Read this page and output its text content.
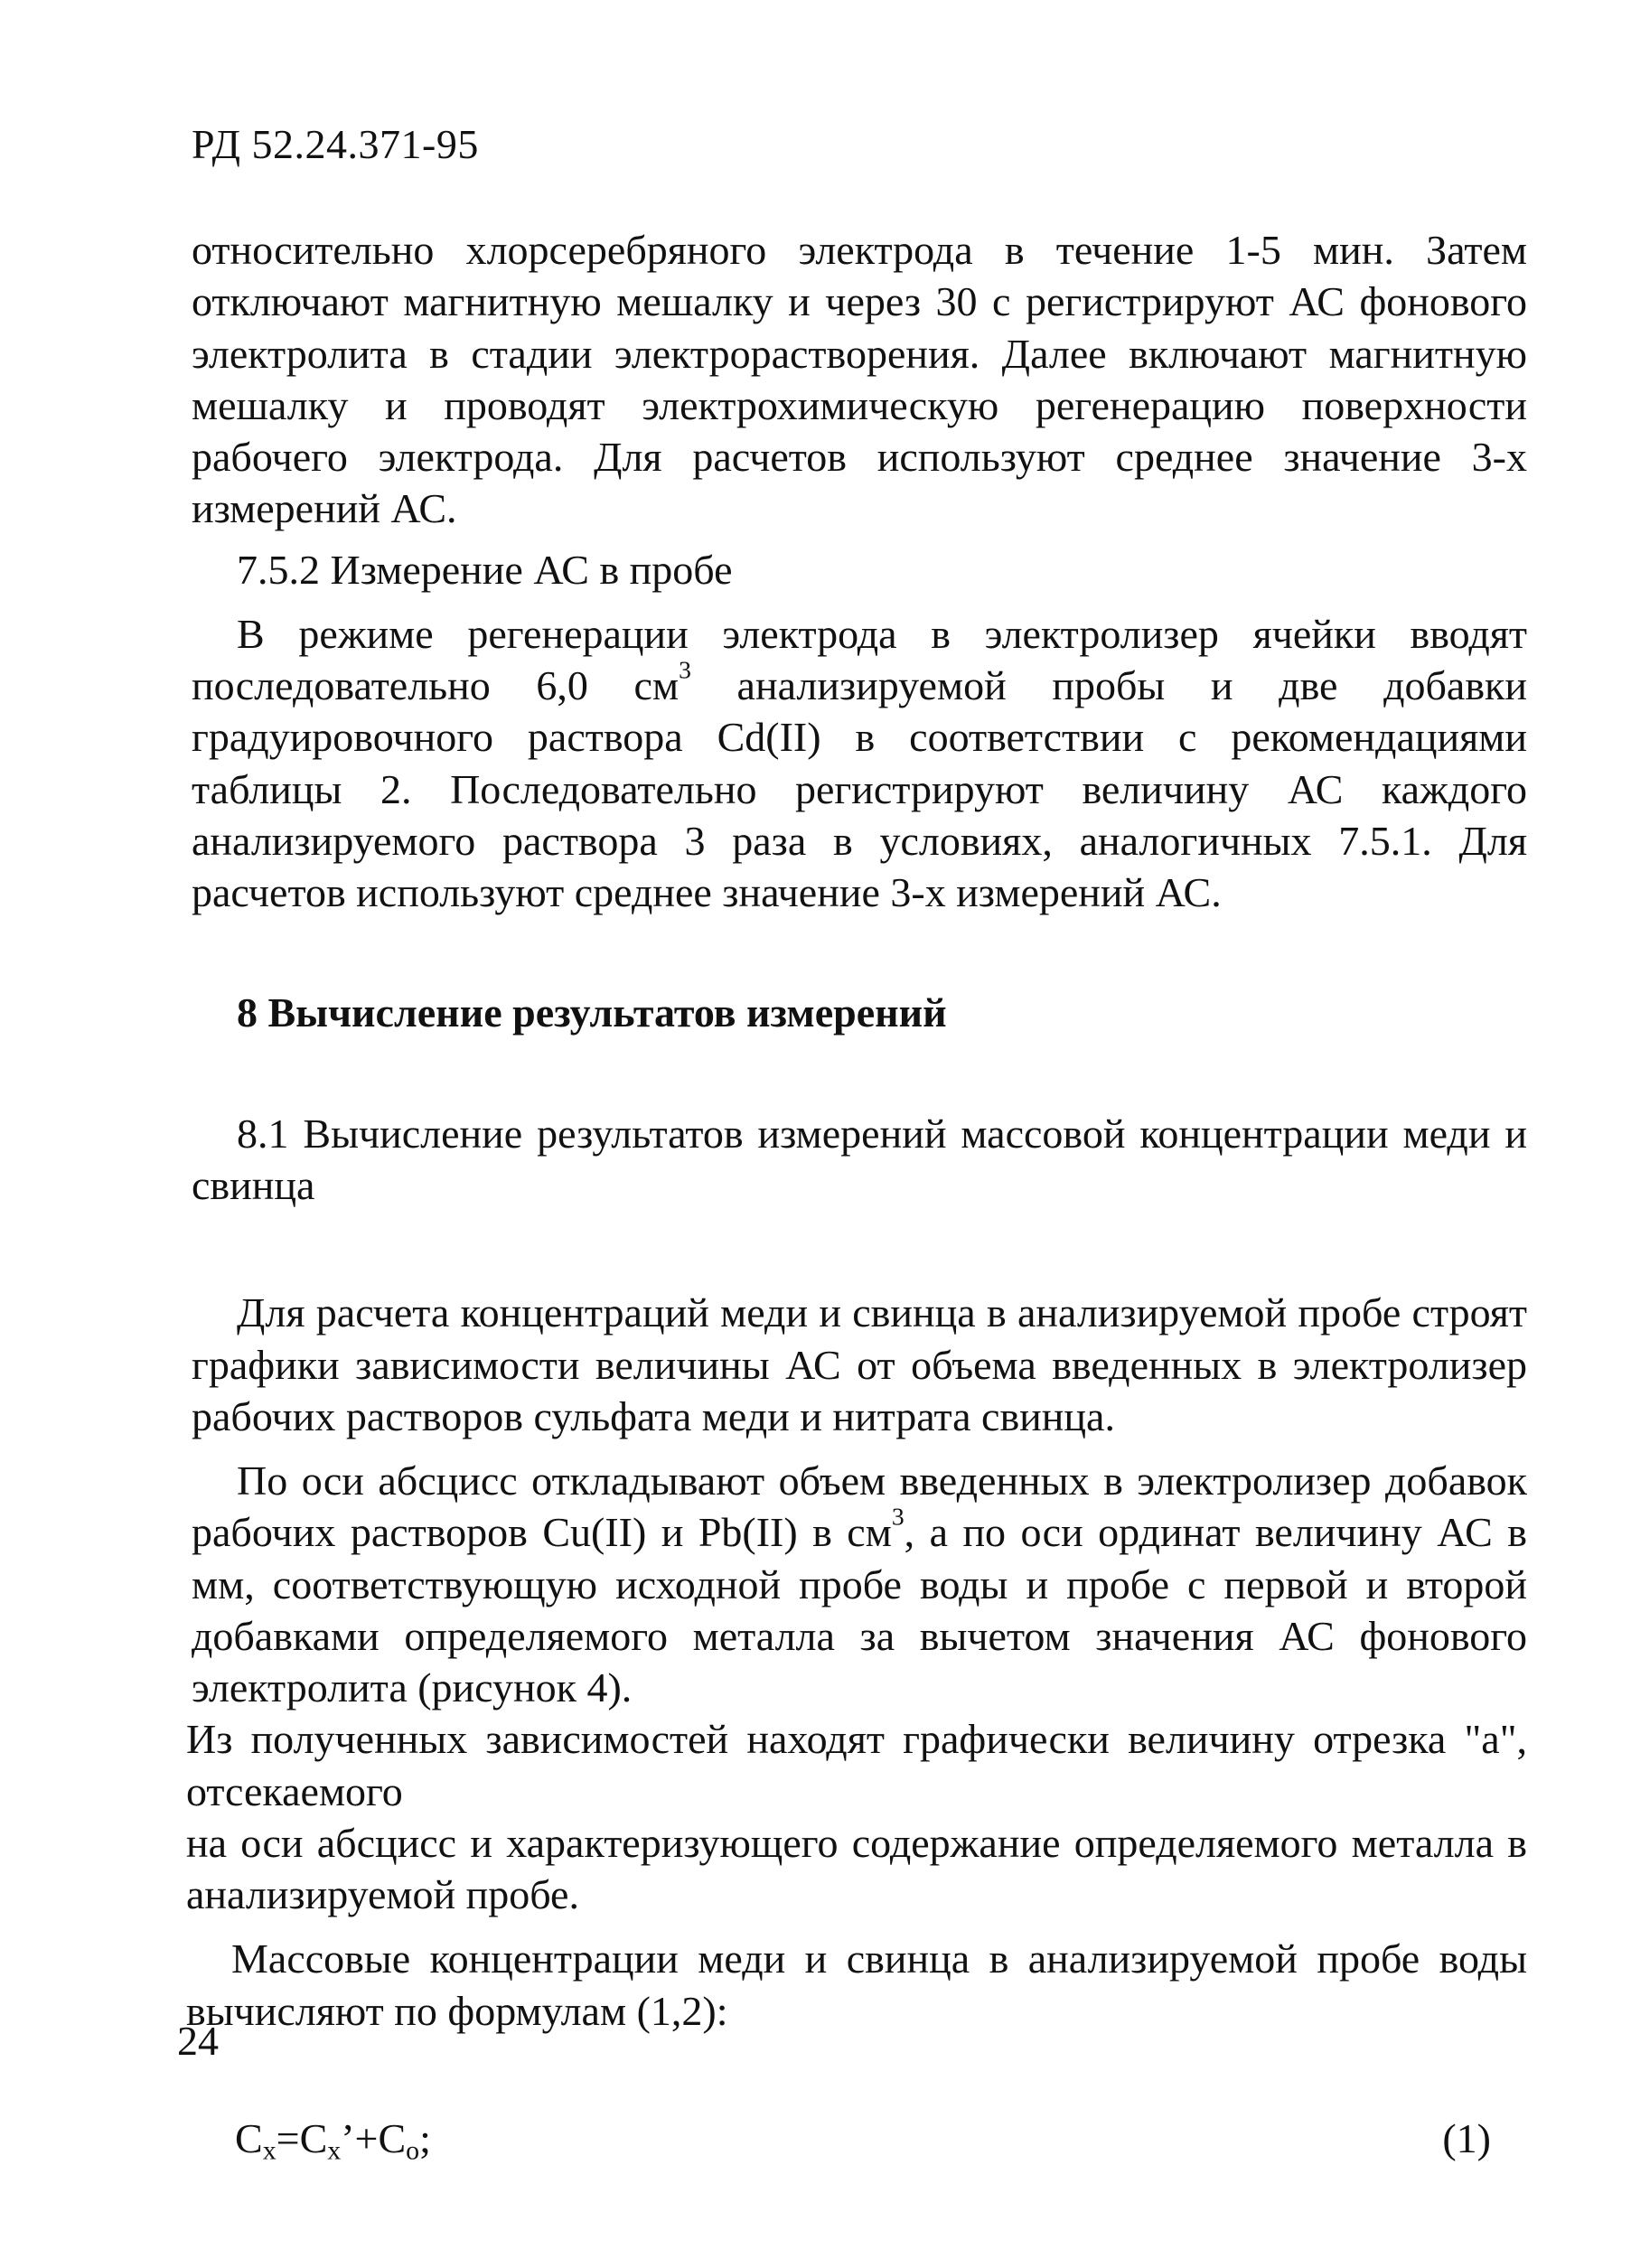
РД 52.24.371-95

относительно хлорсеребряного электрода в течение 1-5 мин. Затем отключают магнитную мешалку и через 30 с регистрируют АС фонового электролита в стадии электрорастворения. Далее включают магнитную мешалку и проводят электрохимическую регенерацию поверхности рабочего электрода. Для расчетов используют среднее значение 3-х измерений АС.

7.5.2 Измерение АС в пробе

В режиме регенерации электрода в электролизер ячейки вводят последовательно 6,0 $см^3$ анализируемой пробы и две добавки градуировочного раствора Cd(II) в соответствии с рекомендациями таблицы 2. Последовательно регистрируют величину АС каждого анализируемого раствора 3 раза в условиях, аналогичных 7.5.1. Для расчетов используют среднее значение 3-х измерений АС.

8 Вычисление результатов измерений

8.1 Вычисление результатов измерений массовой концентрации меди и свинца

Для расчета концентраций меди и свинца в анализируемой пробе строят графики зависимости величины АС от объема введенных в электролизер рабочих растворов сульфата меди и нитрата свинца.

По оси абсцисс откладывают объем введенных в электролизер добавок рабочих растворов Cu(II) и Pb(II) в $см^3$, а по оси ординат величину АС в мм, соответствующую исходной пробе воды и пробе с первой и второй добавками определяемого металла за вычетом значения АС фонового электролита (рисунок 4).

Из полученных зависимостей находят графически величину отрезка "а", отсекаемого

на оси абсцисс и характеризующего содержание определяемого металла в анализируемой пробе.

Массовые концентрации меди и свинца в анализируемой пробе воды вычисляют по формулам (1,2):

$C_x=C_x’+C_o$;	(1)
24
